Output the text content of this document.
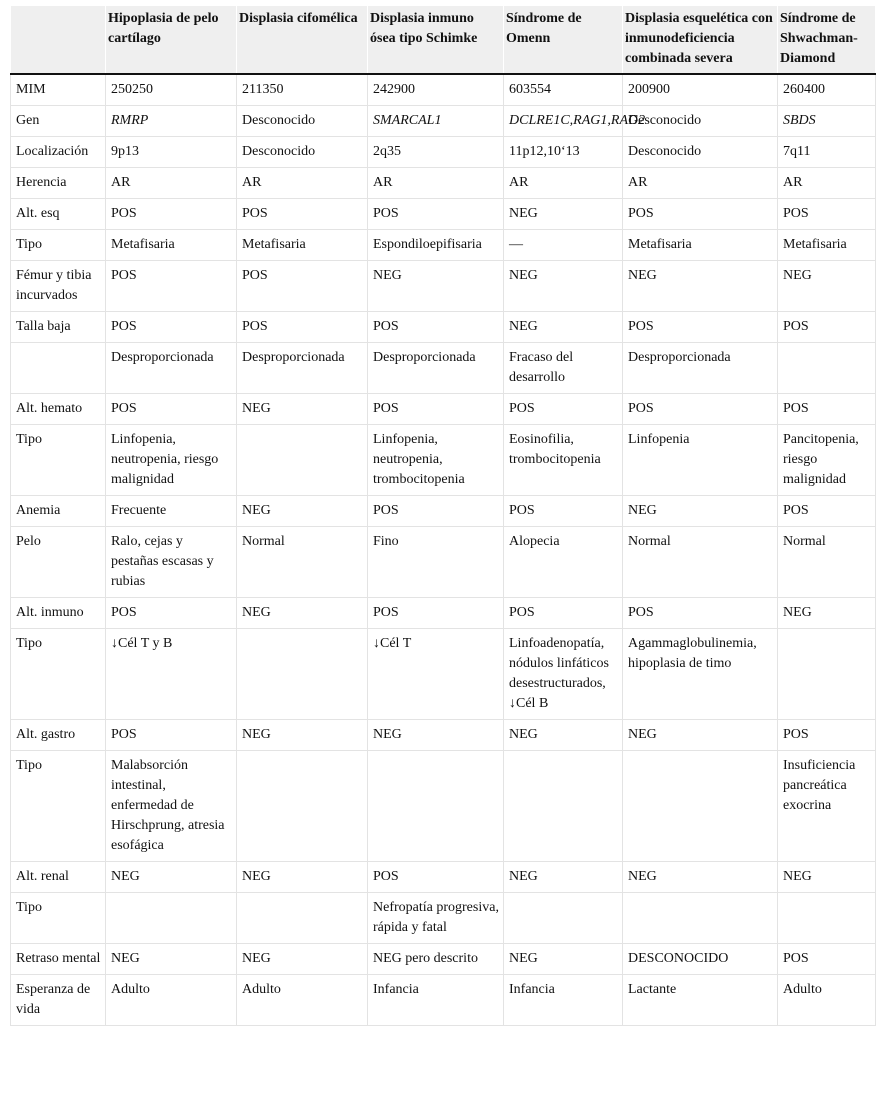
	Hipoplasia de pelo cartílago	Displasia cifomélica	Displasia inmuno ósea tipo Schimke	Síndrome de Omenn	Displasia esquelética con inmunodeficiencia combinada severa	Síndrome de Shwachman-Diamond
MIM	250250	211350	242900	603554	200900	260400
Gen	RMRP	Desconocido	SMARCAL1	DCLRE1C,RAG1,RAG2	Desconocido	SBDS
Localización	9p13	Desconocido	2q35	11p12,10‘13	Desconocido	7q11
Herencia	AR	AR	AR	AR	AR	AR
Alt. esq	POS	POS	POS	NEG	POS	POS
Tipo	Metafisaria	Metafisaria	Espondiloepifisaria	—	Metafisaria	Metafisaria
Fémur y tibia incurvados	POS	POS	NEG	NEG	NEG	NEG
Talla baja	POS	POS	POS	NEG	POS	POS
	Desproporcionada	Desproporcionada	Desproporcionada	Fracaso del desarrollo	Desproporcionada	
Alt. hemato	POS	NEG	POS	POS	POS	POS
Tipo	Linfopenia, neutropenia, riesgo malignidad		Linfopenia, neutropenia, trombocitopenia	Eosinofilia, trombocitopenia	Linfopenia	Pancitopenia, riesgo malignidad
Anemia	Frecuente	NEG	POS	POS	NEG	POS
Pelo	Ralo, cejas y pestañas escasas y rubias	Normal	Fino	Alopecia	Normal	Normal
Alt. inmuno	POS	NEG	POS	POS	POS	NEG
Tipo	↓Cél T y B		↓Cél T	Linfoadenopatía, nódulos linfáticos desestructurados, ↓Cél B	Agammaglobulinemia, hipoplasia de timo	
Alt. gastro	POS	NEG	NEG	NEG	NEG	POS
Tipo	Malabsorción intestinal, enfermedad de Hirschprung, atresia esofágica					Insuficiencia pancreática exocrina
Alt. renal	NEG	NEG	POS	NEG	NEG	NEG
Tipo			Nefropatía progresiva, rápida y fatal			
Retraso mental	NEG	NEG	NEG pero descrito	NEG	DESCONOCIDO	POS
Esperanza de vida	Adulto	Adulto	Infancia	Infancia	Lactante	Adulto
